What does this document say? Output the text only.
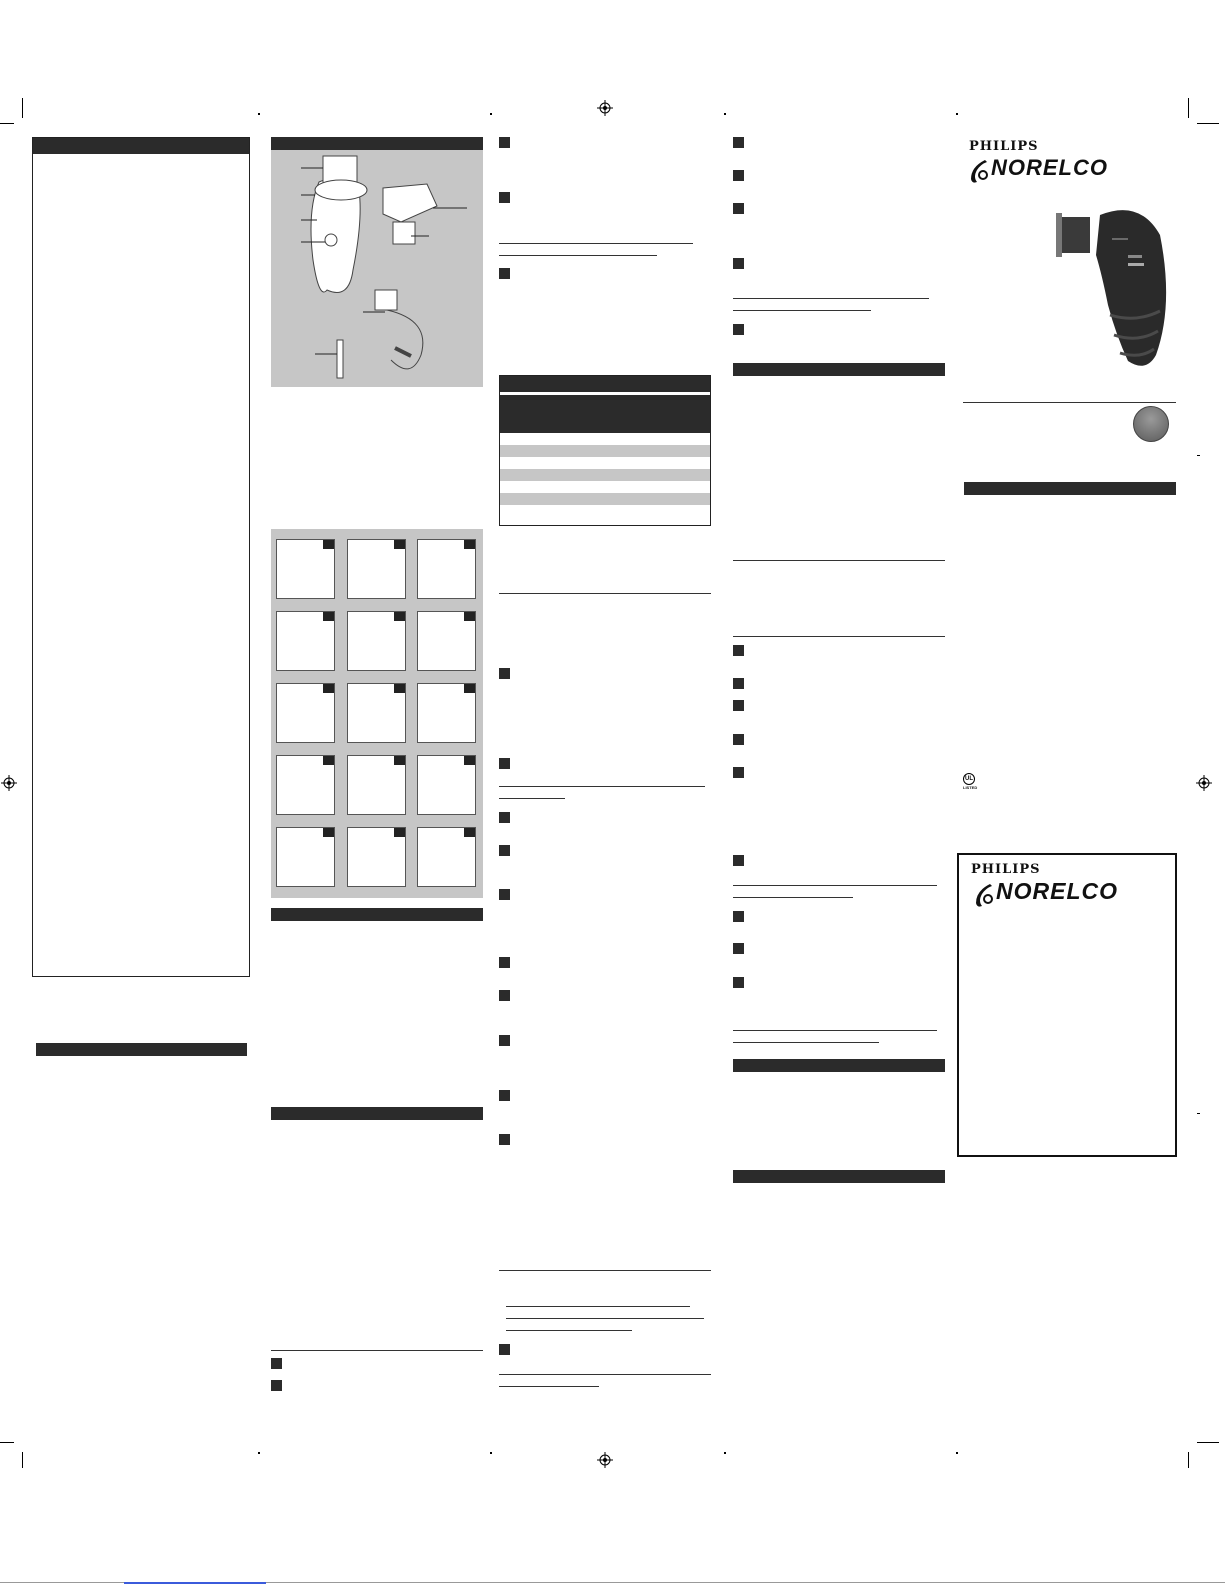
PHILIPS
NORELCO
UL
LISTED
PHILIPS
NORELCO
